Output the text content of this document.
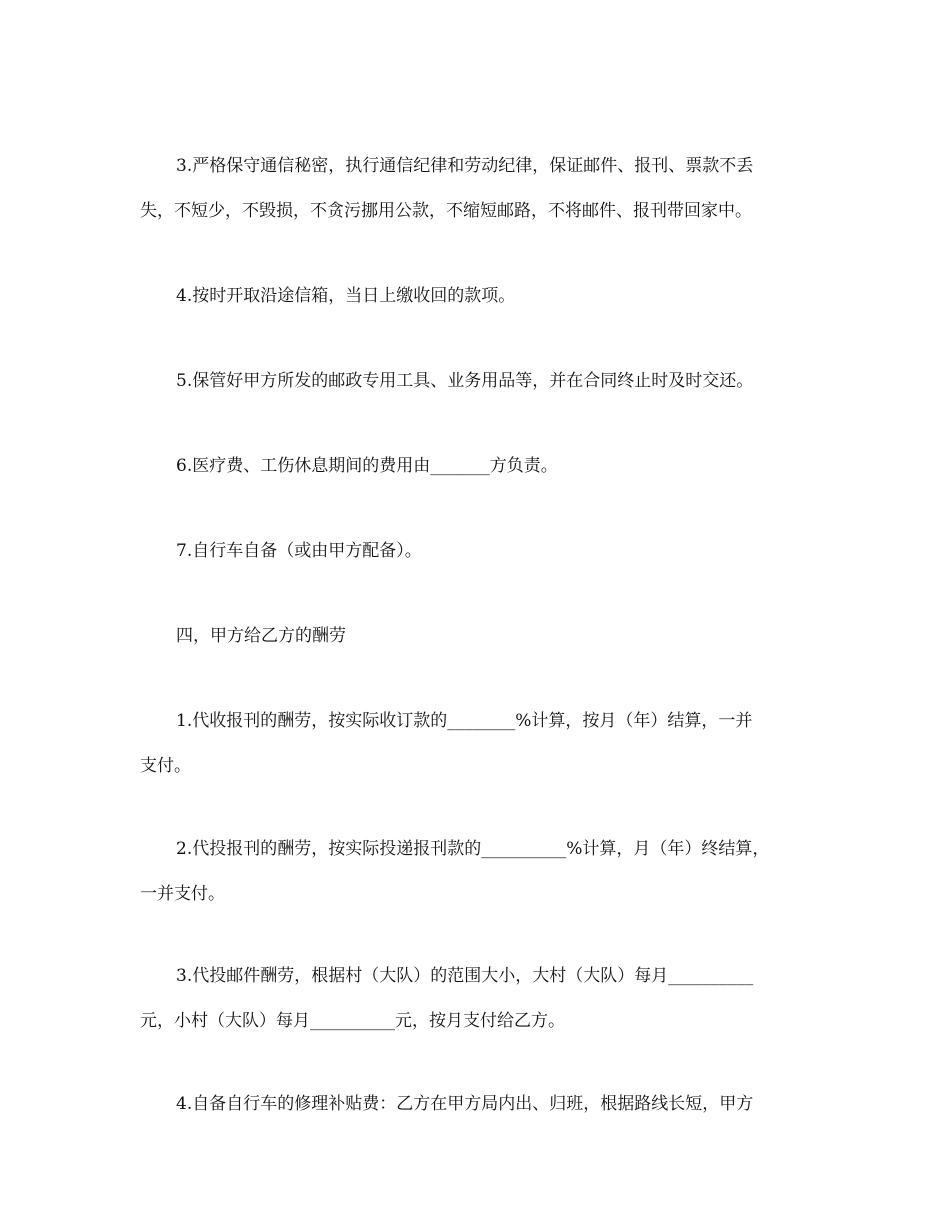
3.严格保守通信秘密，执行通信纪律和劳动纪律，保证邮件、报刊、票款不丢
失，不短少，不毁损，不贪污挪用公款，不缩短邮路，不将邮件、报刊带回家中。
4.按时开取沿途信箱，当日上缴收回的款项。
5.保管好甲方所发的邮政专用工具、业务用品等，并在合同终止时及时交还。
6.医疗费、工伤休息期间的费用由_______方负责。
7.自行车自备（或由甲方配备）。
四，甲方给乙方的酬劳
1.代收报刊的酬劳，按实际收订款的________%计算，按月（年）结算，一并
支付。
2.代投报刊的酬劳，按实际投递报刊款的__________%计算，月（年）终结算，
一并支付。
3.代投邮件酬劳，根据村（大队）的范围大小，大村（大队）每月__________
元，小村（大队）每月__________元，按月支付给乙方。
4.自备自行车的修理补贴费：乙方在甲方局内出、归班，根据路线长短，甲方
